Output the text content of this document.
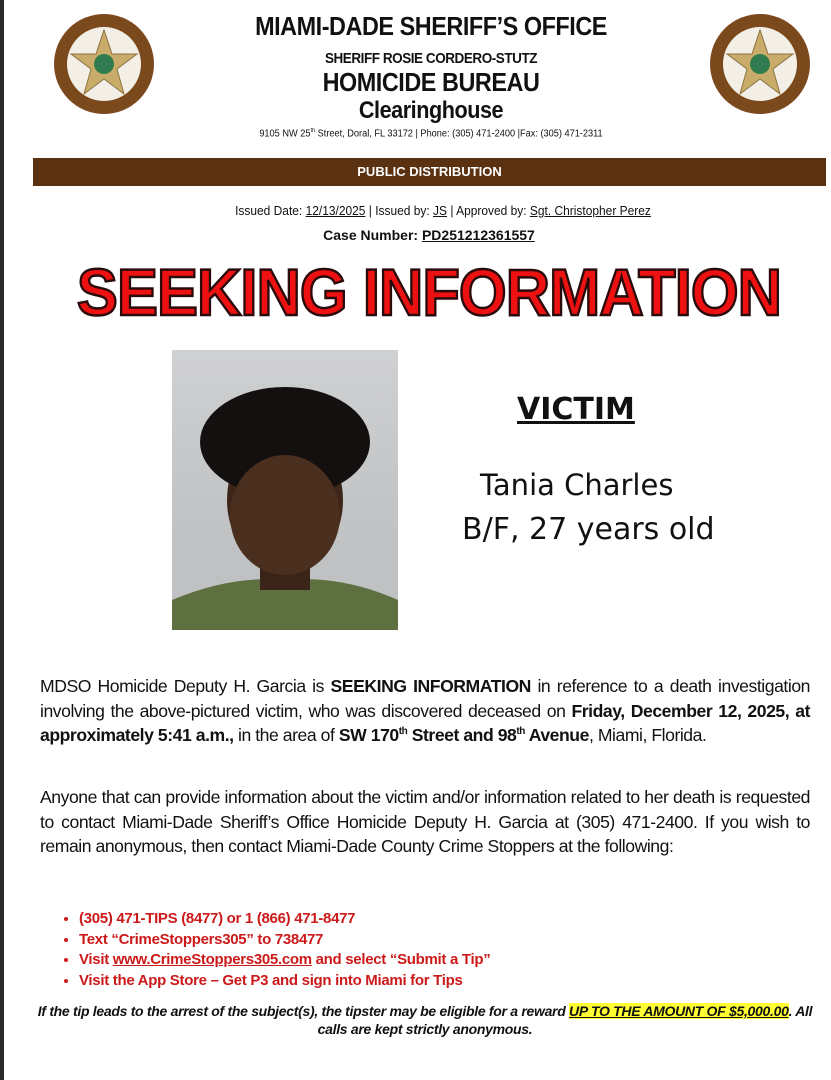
MIAMI-DADE SHERIFF’S OFFICE
SHERIFF ROSIE CORDERO-STUTZ
HOMICIDE BUREAU
Clearinghouse
9105 NW 25th Street, Doral, FL 33172 | Phone: (305) 471-2400 |Fax: (305) 471-2311
PUBLIC DISTRIBUTION
Issued Date: 12/13/2025 | Issued by: JS | Approved by: Sgt. Christopher Perez
Case Number: PD251212361557
SEEKING INFORMATION
VICTIM
Tania Charles
B/F, 27 years old
MDSO Homicide Deputy H. Garcia is SEEKING INFORMATION in reference to a death investigation involving the above-pictured victim, who was discovered deceased on Friday, December 12, 2025, at approximately 5:41 a.m., in the area of SW 170th Street and 98th Avenue, Miami, Florida.
Anyone that can provide information about the victim and/or information related to her death is requested to contact Miami-Dade Sheriff’s Office Homicide Deputy H. Garcia at (305) 471-2400. If you wish to remain anonymous, then contact Miami-Dade County Crime Stoppers at the following:
• (305) 471-TIPS (8477) or 1 (866) 471-8477
• Text “CrimeStoppers305” to 738477
• Visit www.CrimeStoppers305.com and select “Submit a Tip”
• Visit the App Store – Get P3 and sign into Miami for Tips
If the tip leads to the arrest of the subject(s), the tipster may be eligible for a reward UP TO THE AMOUNT OF $5,000.00. All calls are kept strictly anonymous.
